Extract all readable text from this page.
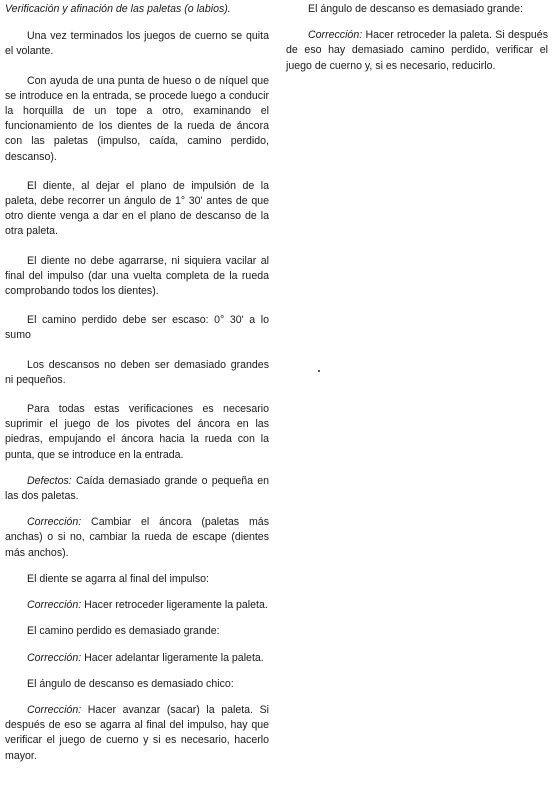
Verificación y afinación de las paletas (o labios).

Una vez terminados los juegos de cuerno se quita el volante.

Con ayuda de una punta de hueso o de níquel que se introduce en la entrada, se procede luego a conducir la horquilla de un tope a otro, examinando el funcionamiento de los dientes de la rueda de áncora con las paletas (impulso, caída, camino perdido, descanso).

El diente, al dejar el plano de impulsión de la paleta, debe recorrer un ángulo de 1° 30' antes de que otro diente venga a dar en el plano de descanso de la otra paleta.

El diente no debe agarrarse, ni siquiera vacilar al final del impulso (dar una vuelta completa de la rueda comprobando todos los dientes).

El camino perdido debe ser escaso: 0° 30' a lo sumo

Los descansos no deben ser demasiado grandes ni pequeños.

Para todas estas verificaciones es necesario suprimir el juego de los pivotes del áncora en las piedras, empujando el áncora hacia la rueda con la punta, que se introduce en la entrada.

Defectos: Caída demasiado grande o pequeña en las dos paletas.

Corrección: Cambiar el áncora (paletas más anchas) o si no, cambiar la rueda de escape (dientes más anchos).

El diente se agarra al final del impulso:

Corrección: Hacer retroceder ligeramente la paleta.

El camino perdido es demasiado grande:

Corrección: Hacer adelantar ligeramente la paleta.

El ángulo de descanso es demasiado chico:

Corrección: Hacer avanzar (sacar) la paleta. Si después de eso se agarra al final del impulso, hay que verificar el juego de cuerno y si es necesario, hacerlo mayor.

El ángulo de descanso es demasiado grande:

Corrección: Hacer retroceder la paleta. Si después de eso hay demasiado camino perdido, verificar el juego de cuerno y, si es necesario, reducirlo.
